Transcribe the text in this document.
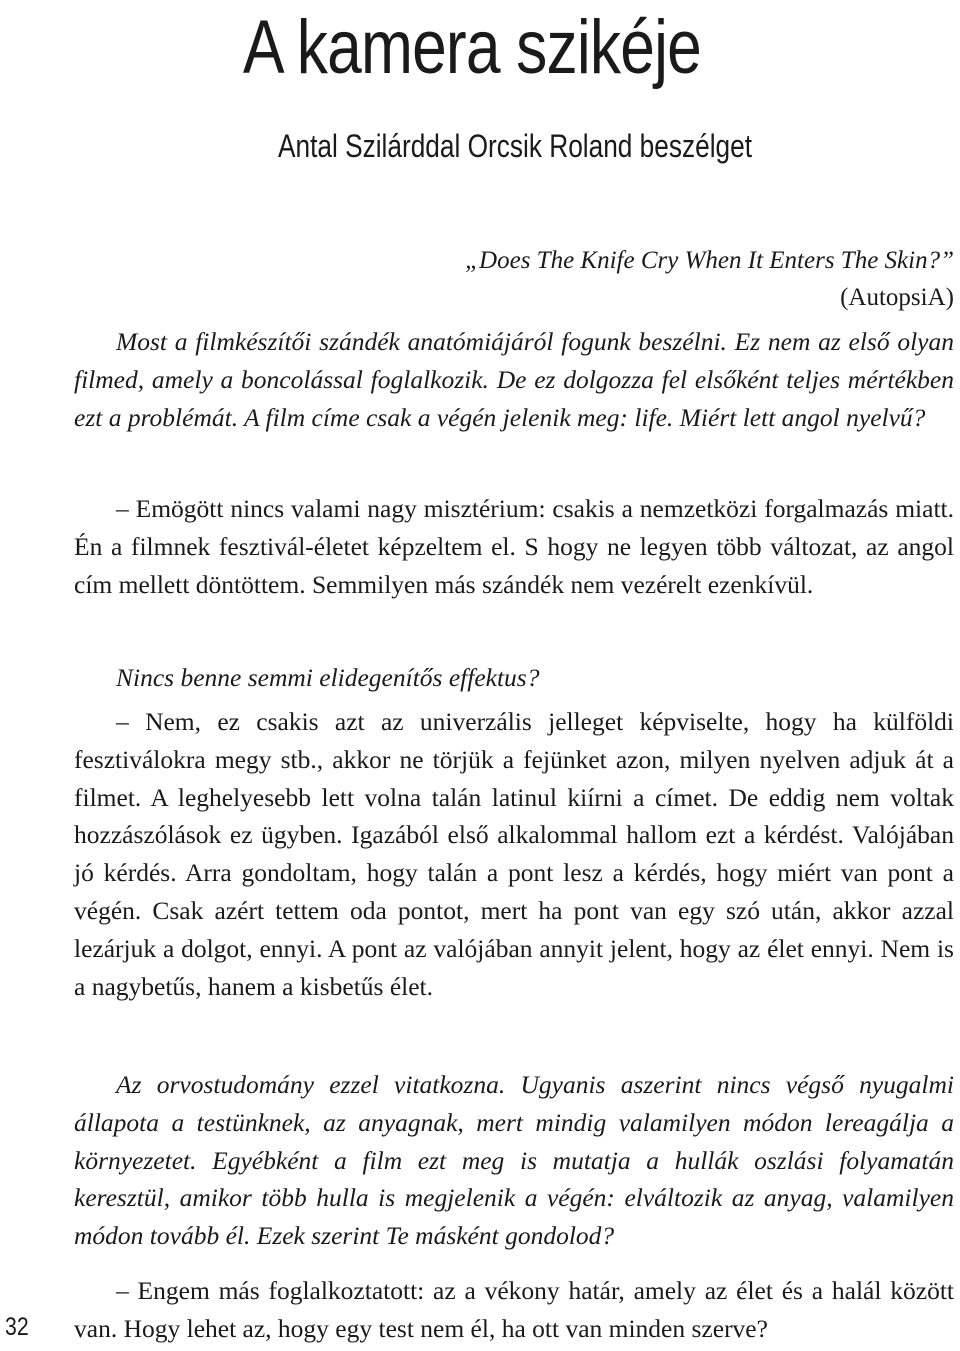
A kamera szikéje
Antal Szilárddal Orcsik Roland beszélget
„Does The Knife Cry When It Enters The Skin?”
(AutopsiA)

Most a filmkészítői szándék anatómiájáról fogunk beszélni. Ez nem az első olyan filmed, amely a boncolással foglalkozik. De ez dolgozza fel elsőként teljes mértékben ezt a problémát. A film címe csak a végén jelenik meg: life. Miért lett angol nyelvű?

– Emögött nincs valami nagy misztérium: csakis a nemzetközi forgalmazás miatt. Én a filmnek fesztivál-életet képzeltem el. S hogy ne legyen több változat, az angol cím mellett döntöttem. Semmilyen más szándék nem vezérelt ezenkívül.

Nincs benne semmi elidegenítős effektus?

– Nem, ez csakis azt az univerzális jelleget képviselte, hogy ha külföldi fesztiválokra megy stb., akkor ne törjük a fejünket azon, milyen nyelven adjuk át a filmet. A leghelyesebb lett volna talán latinul kiírni a címet. De eddig nem voltak hozzászólások ez ügyben. Igazából első alkalommal hallom ezt a kérdést. Valójában jó kérdés. Arra gondoltam, hogy talán a pont lesz a kérdés, hogy miért van pont a végén. Csak azért tettem oda pontot, mert ha pont van egy szó után, akkor azzal lezárjuk a dolgot, ennyi. A pont az valójában annyit jelent, hogy az élet ennyi. Nem is a nagybetűs, hanem a kisbetűs élet.

Az orvostudomány ezzel vitatkozna. Ugyanis aszerint nincs végső nyugalmi állapota a testünknek, az anyagnak, mert mindig valamilyen módon lereagálja a környezetet. Egyébként a film ezt meg is mutatja a hullák oszlási folyamatán keresztül, amikor több hulla is megjelenik a végén: elváltozik az anyag, valamilyen módon tovább él. Ezek szerint Te másként gondolod?

– Engem más foglalkoztatott: az a vékony határ, amely az élet és a halál között van. Hogy lehet az, hogy egy test nem él, ha ott van minden szerve?

32
